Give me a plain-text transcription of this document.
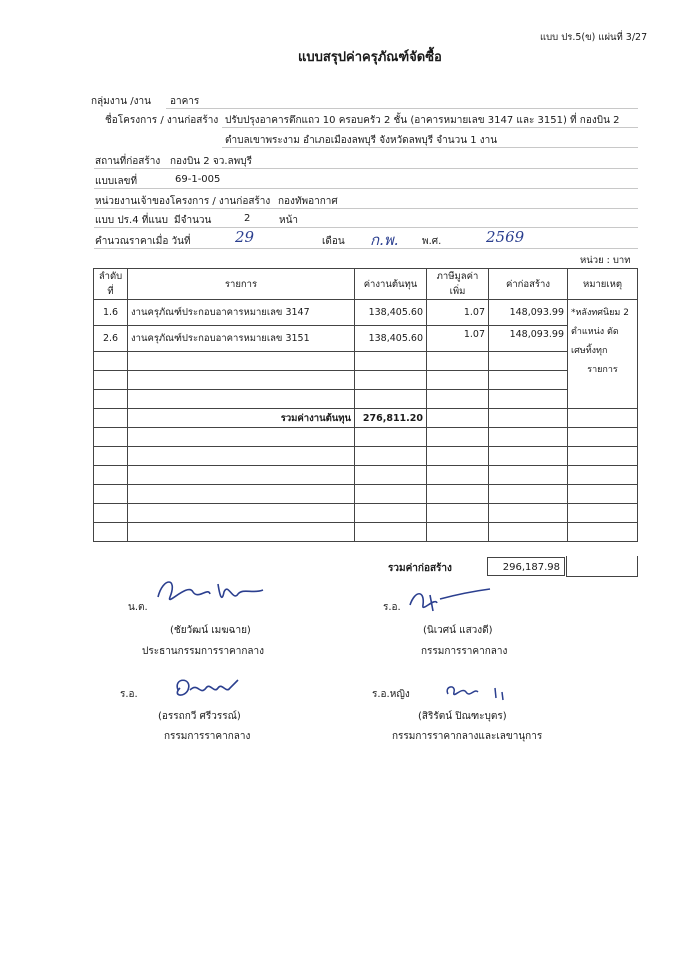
แบบ ปร.5(ข) แผ่นที่ 3/27
แบบสรุปค่าครุภัณฑ์จัดซื้อ
กลุ่มงาน /งาน อาคาร
ชื่อโครงการ / งานก่อสร้าง ปรับปรุงอาคารตึกแถว 10 ครอบครัว 2 ชั้น (อาคารหมายเลข 3147 และ 3151) ที่ กองบิน 2
ตำบลเขาพระงาม อำเภอเมืองลพบุรี จังหวัดลพบุรี จำนวน 1 งาน
สถานที่ก่อสร้าง กองบิน 2 จว.ลพบุรี
แบบเลขที่	69-1-005
หน่วยงานเจ้าของโครงการ / งานก่อสร้าง กองทัพอากาศ
แบบ ปร.4 ที่แนบ มีจำนวน	2	หน้า
คำนวณราคาเมื่อ วันที่	29	เดือน ก.พ. พ.ศ.	2569
หน่วย : บาท
ลำดับที่	รายการ	ค่างานต้นทุน	ภาษีมูลค่าเพิ่ม	ค่าก่อสร้าง	หมายเหตุ
1.6	งานครุภัณฑ์ประกอบอาคารหมายเลข 3147	138,405.60	1.07	148,093.99	*หลังทศนิยม 2
ตำแหน่ง ตัด
เศษทิ้งทุก
รายการ

2.6	งานครุภัณฑ์ประกอบอาคารหมายเลข 3151	138,405.60	1.07	148,093.99	

	รวมค่างานต้นทุน	276,811.20			

รวมค่าก่อสร้าง	296,187.98
น.ต.
(ชัยวัฒน์ เมฆฉาย)
ประธานกรรมการราคากลาง
ร.อ.
(นิเวศน์ แสวงดี)
กรรมการราคากลาง
ร.อ.
(อรรถกวี ศรีวรรณ์)
กรรมการราคากลาง
ร.อ.หญิง
(สิริรัตน์ ปิณฑะบุตร)
กรรมการราคากลางและเลขานุการ
